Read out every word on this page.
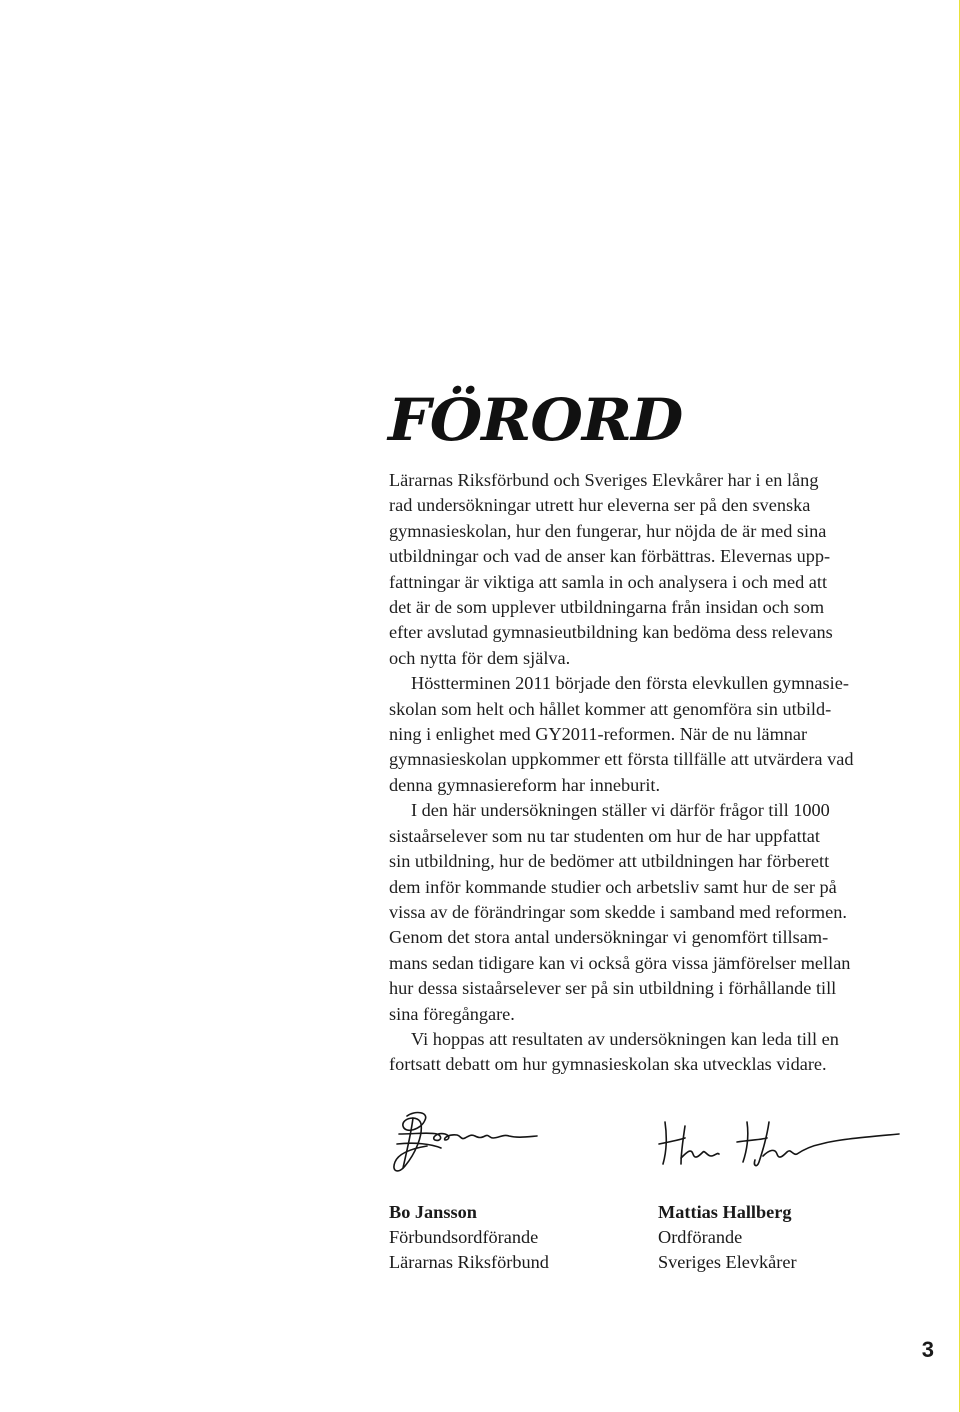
FÖRORD

Lärarnas Riksförbund och Sveriges Elevkårer har i en lång
rad undersökningar utrett hur eleverna ser på den svenska
gymnasieskolan, hur den fungerar, hur nöjda de är med sina
utbildningar och vad de anser kan förbättras. Elevernas upp-
fattningar är viktiga att samla in och analysera i och med att
det är de som upplever utbildningarna från insidan och som
efter avslutad gymnasieutbildning kan bedöma dess relevans
och nytta för dem själva.

Höstterminen 2011 började den första elevkullen gymnasie-
skolan som helt och hållet kommer att genomföra sin utbild-
ning i enlighet med GY2011-reformen. När de nu lämnar
gymnasieskolan uppkommer ett första tillfälle att utvärdera vad
denna gymnasiereform har inneburit.

I den här undersökningen ställer vi därför frågor till 1000
sistaårselever som nu tar studenten om hur de har uppfattat
sin utbildning, hur de bedömer att utbildningen har förberett
dem inför kommande studier och arbetsliv samt hur de ser på
vissa av de förändringar som skedde i samband med reformen.
Genom det stora antal undersökningar vi genomfört tillsam-
mans sedan tidigare kan vi också göra vissa jämförelser mellan
hur dessa sistaårselever ser på sin utbildning i förhållande till
sina föregångare.

Vi hoppas att resultaten av undersökningen kan leda till en
fortsatt debatt om hur gymnasieskolan ska utvecklas vidare.

Bo Jansson
Förbundsordförande
Lärarnas Riksförbund
Mattias Hallberg
Ordförande
Sveriges Elevkårer
3
